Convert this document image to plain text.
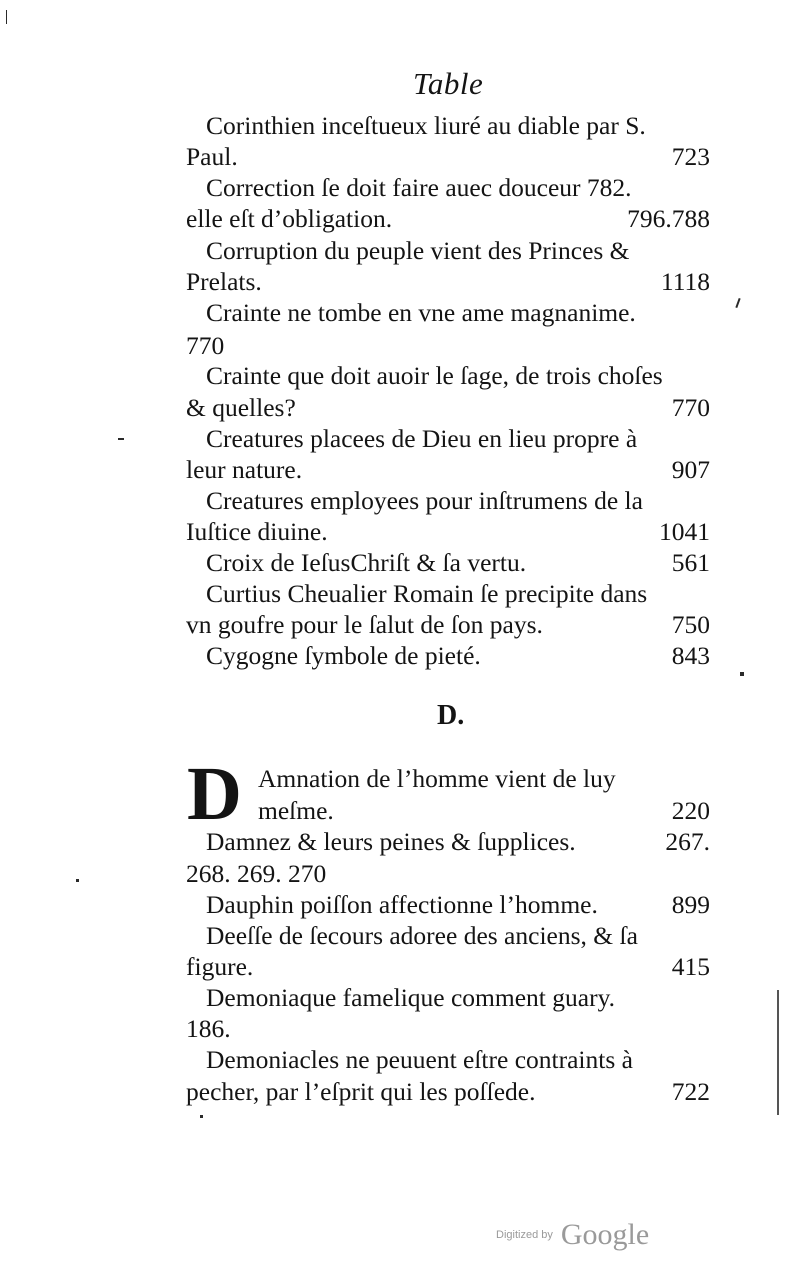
Table
Corinthien inceſtueux liuré au diable par S.
Paul.	723
Correction ſe doit faire auec douceur 782.
elle eſt d’obligation.	796.788
Corruption du peuple vient des Princes &
Prelats.	1118
Crainte ne tombe en vne ame magnanime.
770
Crainte que doit auoir le ſage, de trois choſes
& quelles?	770
Creatures placees de Dieu en lieu propre à
leur nature.	907
Creatures employees pour inſtrumens de la
Iuſtice diuine.	1041
Croix de IeſusChriſt & ſa vertu.	561
Curtius Cheualier Romain ſe precipite dans
vn goufre pour le ſalut de ſon pays.	750
Cygogne ſymbole de pieté.	843
D.
D Amnation de l’homme vient de luy
meſme.	220
Damnez & leurs peines & ſupplices.	267.
268. 269. 270
Dauphin poiſſon affectionne l’homme.	899
Deeſſe de ſecours adoree des anciens, & ſa
figure.	415
Demoniaque famelique comment guary.
186.
Demoniacles ne peuuent eſtre contraints à
pecher, par l’eſprit qui les poſſede.	722
Digitized by Google
